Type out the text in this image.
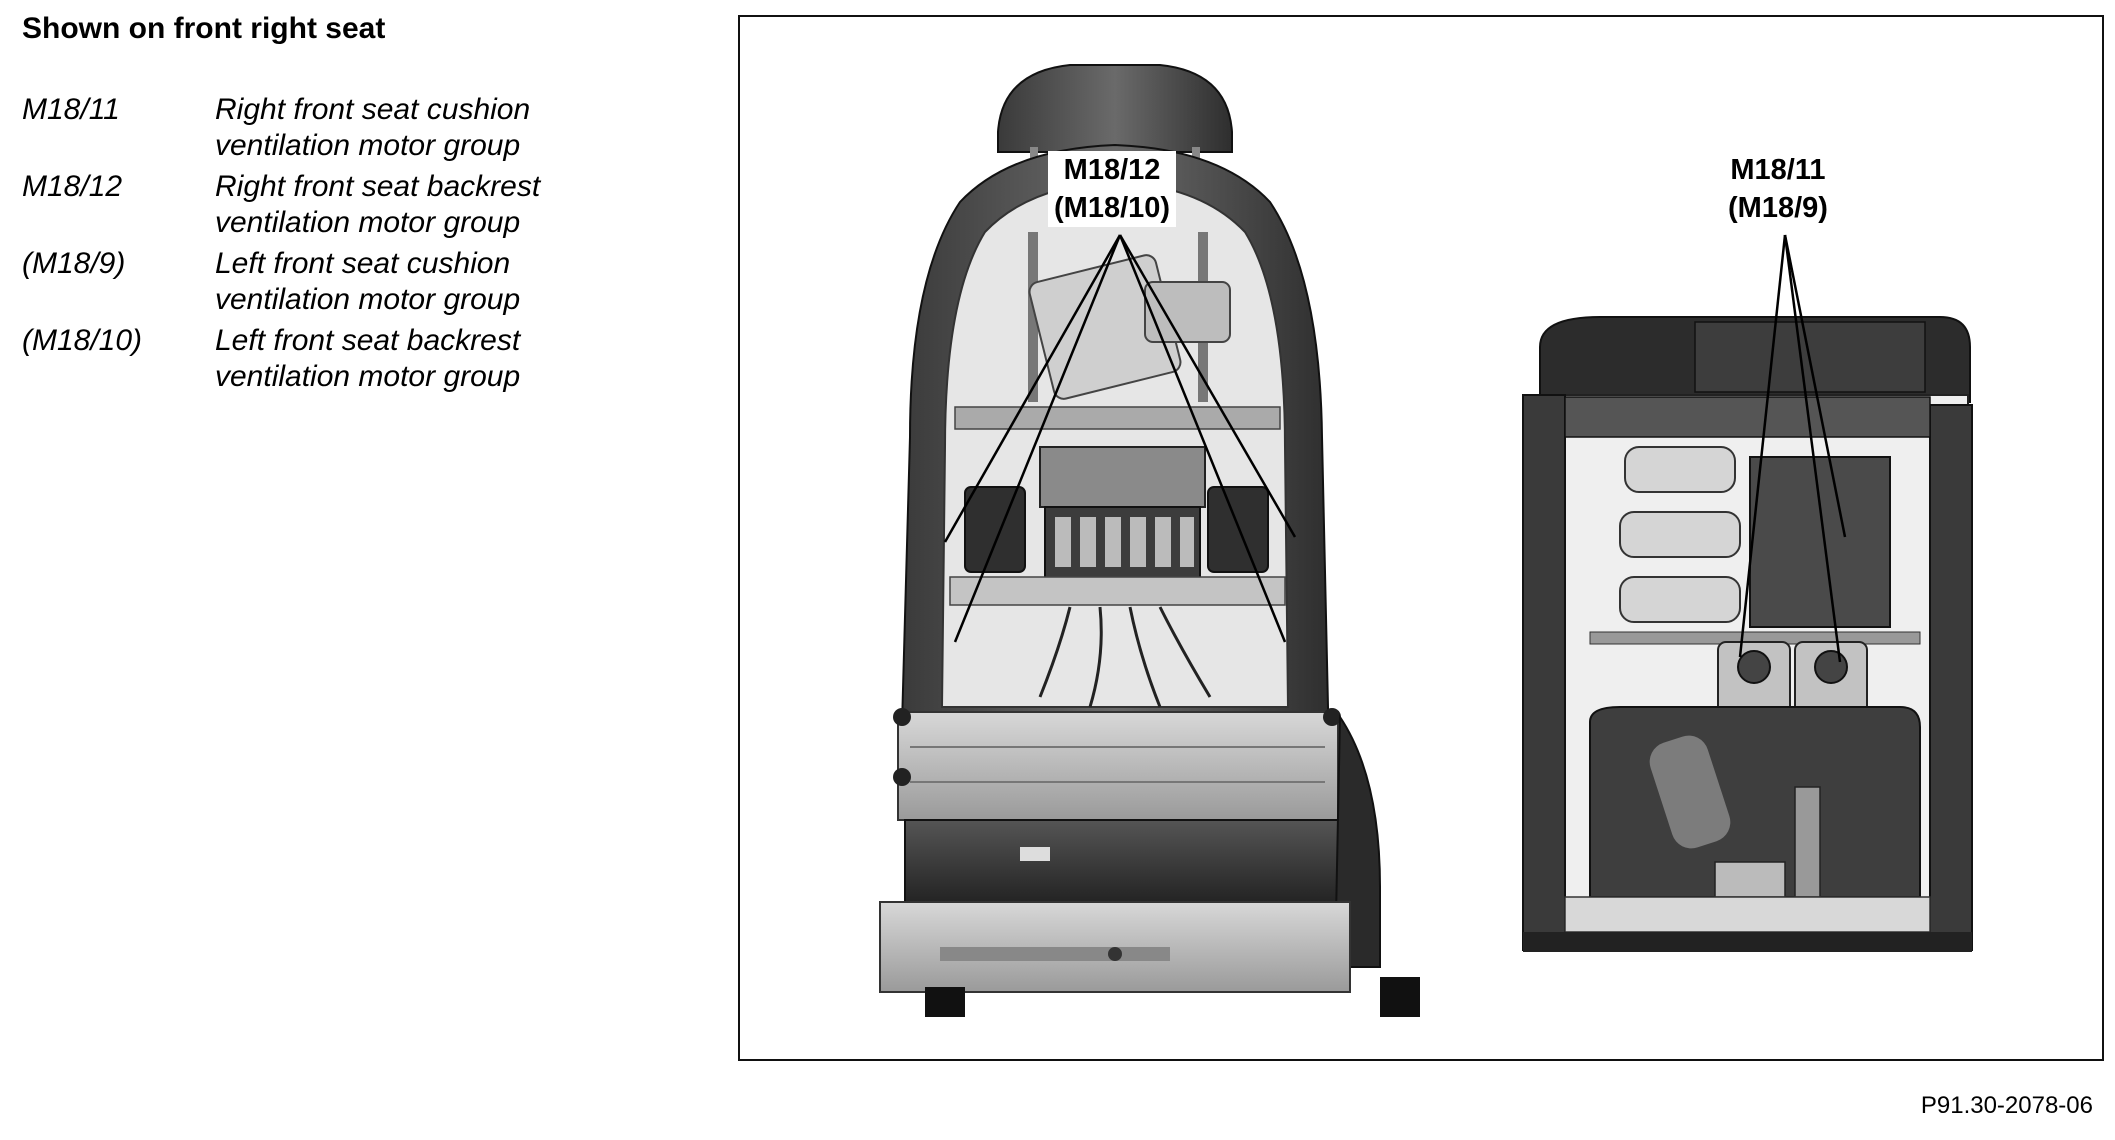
Shown on front right seat
M18/11	Right front seat cushion ventilation motor group
M18/12	Right front seat backrest ventilation motor group
(M18/9)	Left front seat cushion ventilation motor group
(M18/10)	Left front seat backrest ventilation motor group
M18/12
(M18/10)
M18/11
(M18/9)
P91.30-2078-06
